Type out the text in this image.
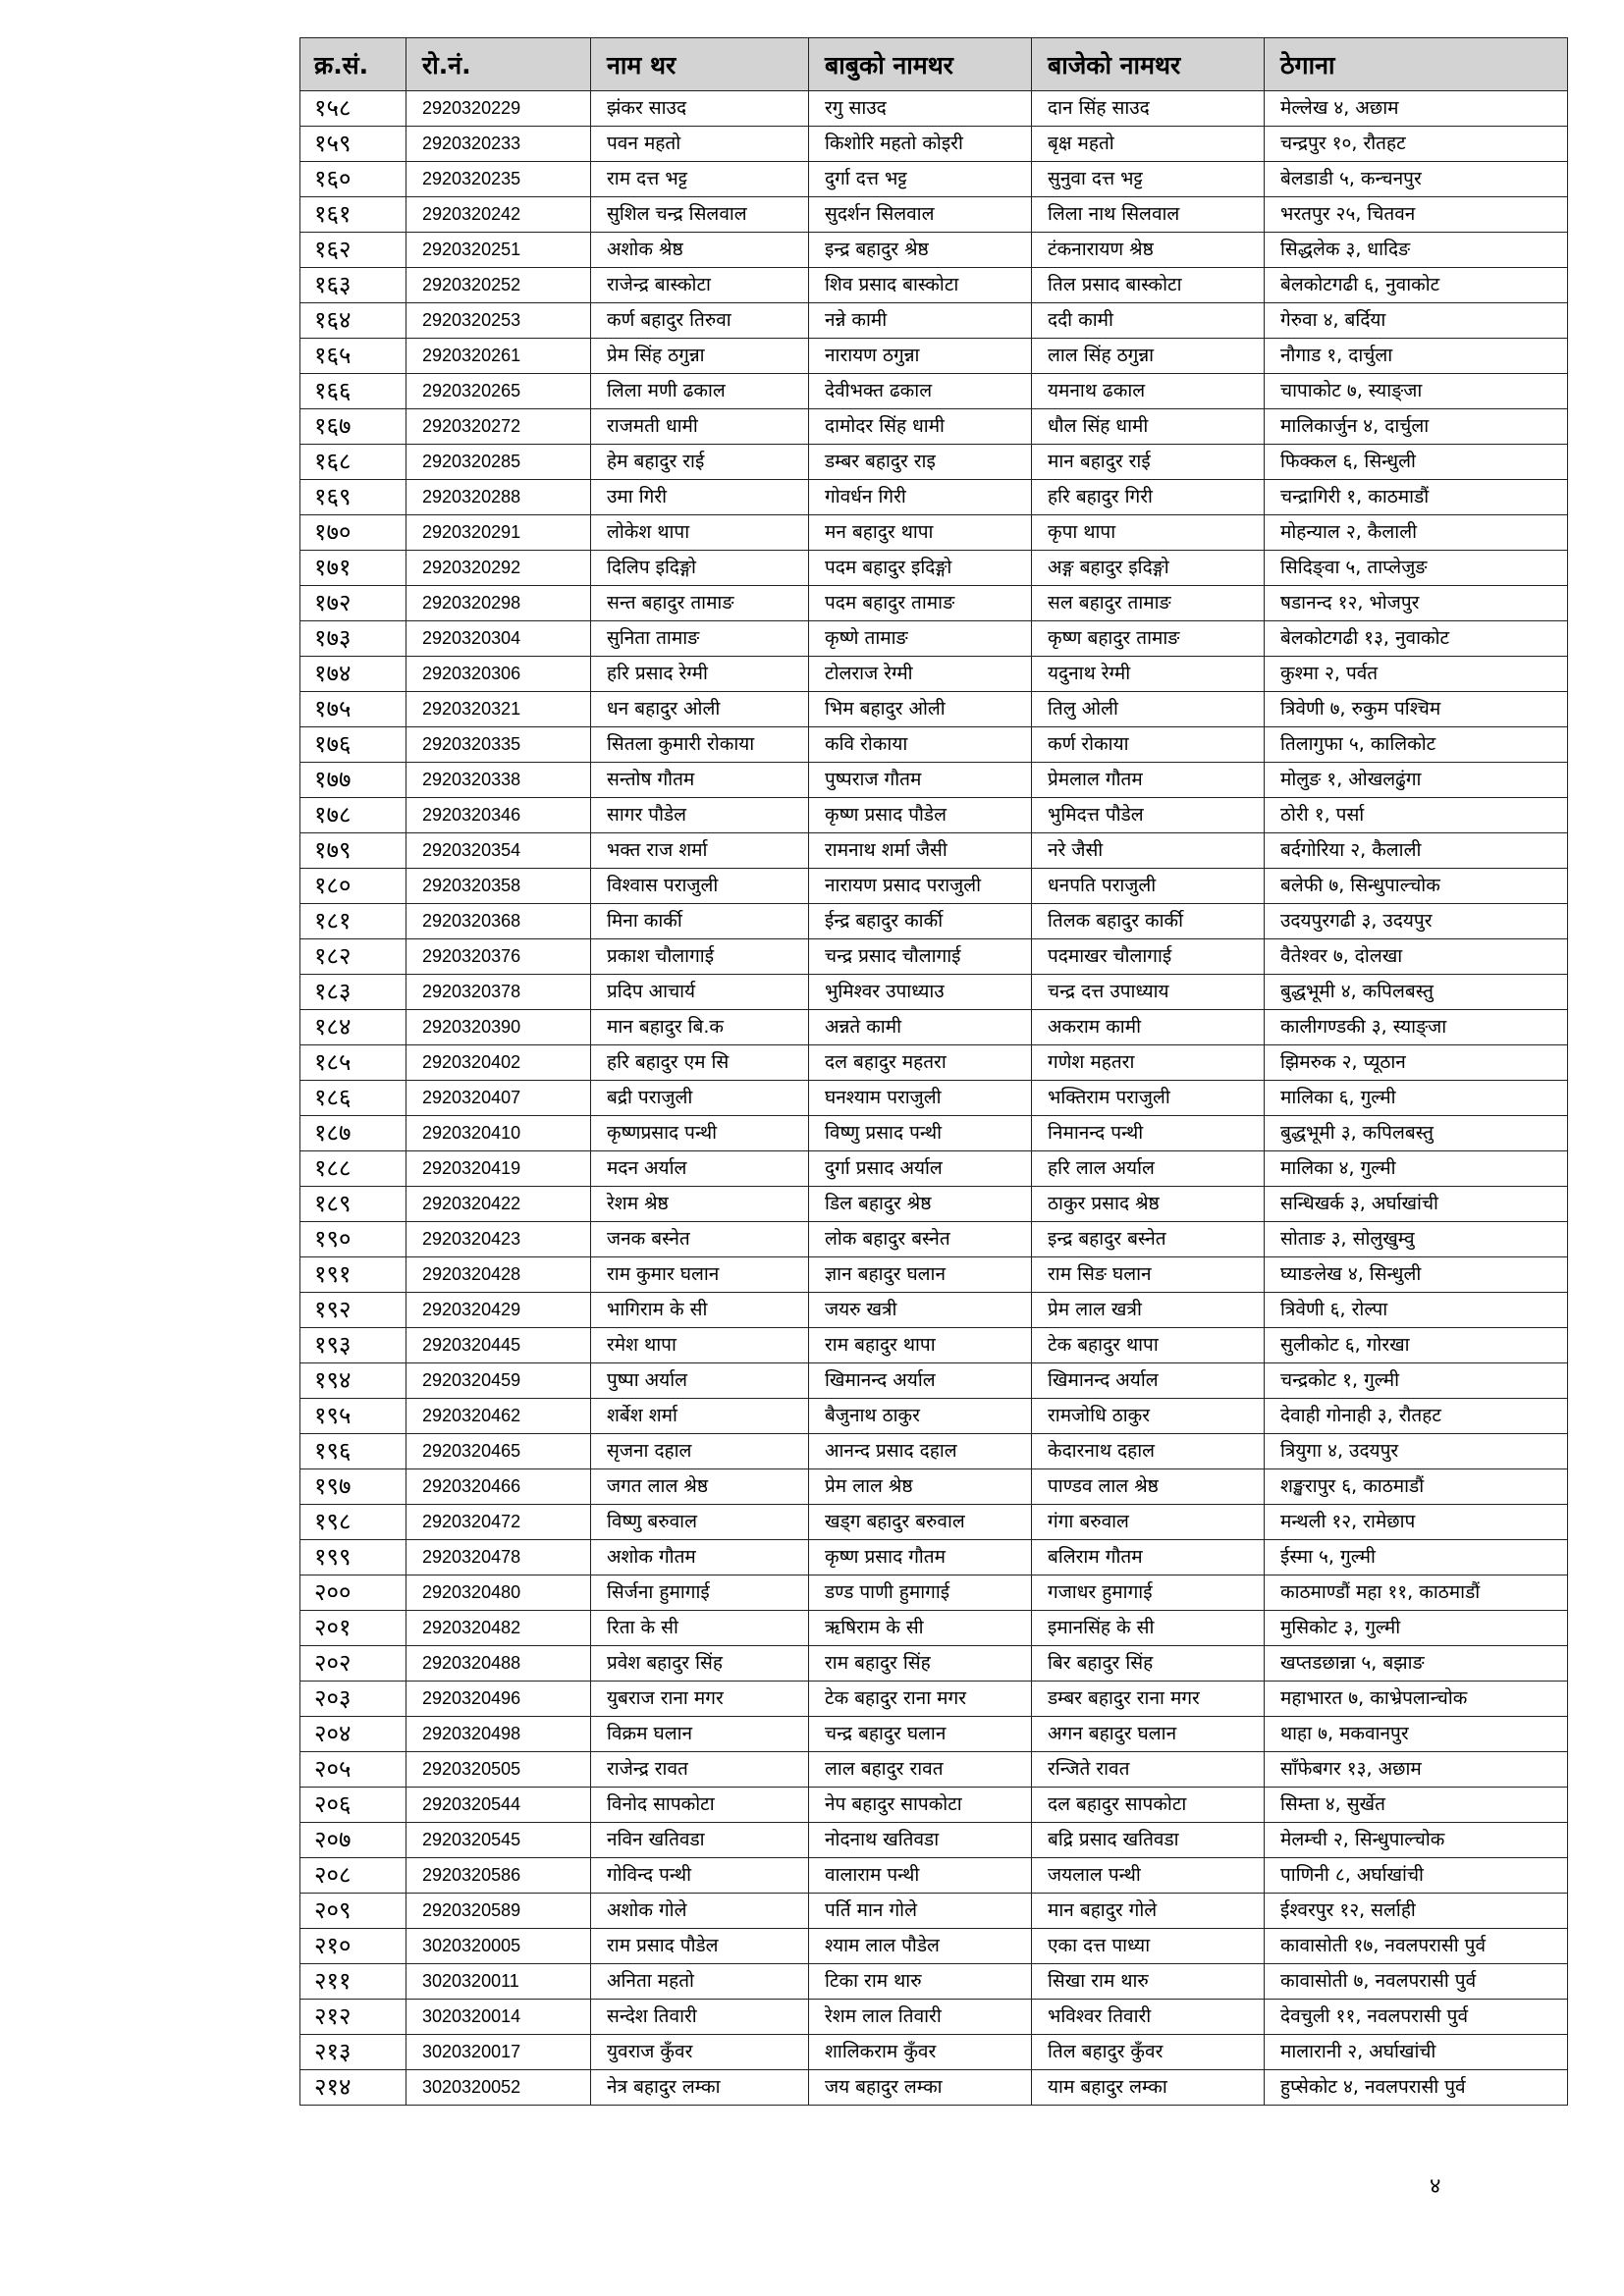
क्र.सं.	रो.नं.	नाम थर	बाबुको नामथर	बाजेको नामथर	ठेगाना
१५८	2920320229	झंकर साउद	रगु साउद	दान सिंह साउद	मेल्लेख ४, अछाम
१५९	2920320233	पवन महतो	किशोरि महतो कोइरी	बृक्ष महतो	चन्द्रपुर १०, रौतहट
१६०	2920320235	राम दत्त भट्ट	दुर्गा दत्त भट्ट	सुनुवा दत्त भट्ट	बेलडाडी ५, कन्चनपुर
१६१	2920320242	सुशिल चन्द्र सिलवाल	सुदर्शन सिलवाल	लिला नाथ सिलवाल	भरतपुर २५, चितवन
१६२	2920320251	अशोक श्रेष्ठ	इन्द्र बहादुर श्रेष्ठ	टंकनारायण श्रेष्ठ	सिद्धलेक ३, धादिङ
१६३	2920320252	राजेन्द्र बास्कोटा	शिव प्रसाद बास्कोटा	तिल प्रसाद बास्कोटा	बेलकोटगढी ६, नुवाकोट
१६४	2920320253	कर्ण बहादुर तिरुवा	नन्ने कामी	ददी कामी	गेरुवा ४, बर्दिया
१६५	2920320261	प्रेम सिंह ठगुन्ना	नारायण ठगुन्ना	लाल सिंह ठगुन्ना	नौगाड १, दार्चुला
१६६	2920320265	लिला मणी ढकाल	देवीभक्त ढकाल	यमनाथ ढकाल	चापाकोट ७, स्याङ्जा
१६७	2920320272	राजमती धामी	दामोदर सिंह धामी	धौल सिंह धामी	मालिकार्जुन ४, दार्चुला
१६८	2920320285	हेम बहादुर राई	डम्बर बहादुर राइ	मान बहादुर राई	फिक्कल ६, सिन्धुली
१६९	2920320288	उमा गिरी	गोवर्धन गिरी	हरि बहादुर गिरी	चन्द्रागिरी १, काठमाडौं
१७०	2920320291	लोकेश थापा	मन बहादुर थापा	कृपा थापा	मोहन्याल २, कैलाली
१७१	2920320292	दिलिप इदिङ्गो	पदम बहादुर इदिङ्गो	अङ्ग बहादुर इदिङ्गो	सिदिङ्वा ५, ताप्लेजुङ
१७२	2920320298	सन्त बहादुर तामाङ	पदम बहादुर तामाङ	सल बहादुर तामाङ	षडानन्द १२, भोजपुर
१७३	2920320304	सुनिता तामाङ	कृष्णे तामाङ	कृष्ण बहादुर तामाङ	बेलकोटगढी १३, नुवाकोट
१७४	2920320306	हरि प्रसाद रेग्मी	टोलराज रेग्मी	यदुनाथ रेग्मी	कुश्मा २, पर्वत
१७५	2920320321	धन बहादुर ओली	भिम बहादुर ओली	तिलु ओली	त्रिवेणी ७, रुकुम पश्चिम
१७६	2920320335	सितला कुमारी रोकाया	कवि रोकाया	कर्ण रोकाया	तिलागुफा ५, कालिकोट
१७७	2920320338	सन्तोष गौतम	पुष्पराज गौतम	प्रेमलाल गौतम	मोलुङ १, ओखलढुंगा
१७८	2920320346	सागर पौडेल	कृष्ण प्रसाद पौडेल	भुमिदत्त पौडेल	ठोरी १, पर्सा
१७९	2920320354	भक्त राज शर्मा	रामनाथ शर्मा जैसी	नरे जैसी	बर्दगोरिया २, कैलाली
१८०	2920320358	विश्वास पराजुली	नारायण प्रसाद पराजुली	धनपति पराजुली	बलेफी ७, सिन्धुपाल्चोक
१८१	2920320368	मिना कार्की	ईन्द्र बहादुर कार्की	तिलक बहादुर कार्की	उदयपुरगढी ३, उदयपुर
१८२	2920320376	प्रकाश चौलागाई	चन्द्र प्रसाद चौलागाई	पदमाखर चौलागाई	वैतेश्वर ७, दोलखा
१८३	2920320378	प्रदिप आचार्य	भुमिश्वर उपाध्याउ	चन्द्र दत्त उपाध्याय	बुद्धभूमी ४, कपिलबस्तु
१८४	2920320390	मान बहादुर बि.क	अन्नते कामी	अकराम कामी	कालीगण्डकी ३, स्याङ्जा
१८५	2920320402	हरि बहादुर एम सि	दल बहादुर महतरा	गणेश महतरा	झिमरुक २, प्यूठान
१८६	2920320407	बद्री पराजुली	घनश्याम पराजुली	भक्तिराम पराजुली	मालिका ६, गुल्मी
१८७	2920320410	कृष्णप्रसाद पन्थी	विष्णु प्रसाद पन्थी	निमानन्द पन्थी	बुद्धभूमी ३, कपिलबस्तु
१८८	2920320419	मदन अर्याल	दुर्गा प्रसाद अर्याल	हरि लाल अर्याल	मालिका ४, गुल्मी
१८९	2920320422	रेशम श्रेष्ठ	डिल बहादुर श्रेष्ठ	ठाकुर प्रसाद श्रेष्ठ	सन्धिखर्क ३, अर्घाखांची
१९०	2920320423	जनक बस्नेत	लोक बहादुर बस्नेत	इन्द्र बहादुर बस्नेत	सोताङ ३, सोलुखुम्वु
१९१	2920320428	राम कुमार घलान	ज्ञान बहादुर घलान	राम सिङ घलान	घ्याङलेख ४, सिन्धुली
१९२	2920320429	भागिराम के सी	जयरु खत्री	प्रेम लाल खत्री	त्रिवेणी ६, रोल्पा
१९३	2920320445	रमेश थापा	राम बहादुर थापा	टेक बहादुर थापा	सुलीकोट ६, गोरखा
१९४	2920320459	पुष्पा अर्याल	खिमानन्द अर्याल	खिमानन्द अर्याल	चन्द्रकोट १, गुल्मी
१९५	2920320462	शर्बेश शर्मा	बैजुनाथ ठाकुर	रामजोधि ठाकुर	देवाही गोनाही ३, रौतहट
१९६	2920320465	सृजना दहाल	आनन्द प्रसाद दहाल	केदारनाथ दहाल	त्रियुगा ४, उदयपुर
१९७	2920320466	जगत लाल श्रेष्ठ	प्रेम लाल श्रेष्ठ	पाण्डव लाल श्रेष्ठ	शङ्खरापुर ६, काठमाडौं
१९८	2920320472	विष्णु बरुवाल	खड्ग बहादुर बरुवाल	गंगा बरुवाल	मन्थली १२, रामेछाप
१९९	2920320478	अशोक गौतम	कृष्ण प्रसाद गौतम	बलिराम गौतम	ईस्मा ५, गुल्मी
२००	2920320480	सिर्जना हुमागाई	डण्ड पाणी हुमागाई	गजाधर हुमागाई	काठमाण्डौं महा ११, काठमाडौं
२०१	2920320482	रिता के सी	ऋषिराम के सी	इमानसिंह के सी	मुसिकोट ३, गुल्मी
२०२	2920320488	प्रवेश बहादुर सिंह	राम बहादुर सिंह	बिर बहादुर सिंह	खप्तडछान्ना ५, बझाङ
२०३	2920320496	युबराज राना मगर	टेक बहादुर राना मगर	डम्बर बहादुर राना मगर	महाभारत ७, काभ्रेपलान्चोक
२०४	2920320498	विक्रम घलान	चन्द्र बहादुर घलान	अगन बहादुर घलान	थाहा ७, मकवानपुर
२०५	2920320505	राजेन्द्र रावत	लाल बहादुर रावत	रन्जिते रावत	साँफेबगर १३, अछाम
२०६	2920320544	विनोद सापकोटा	नेप बहादुर सापकोटा	दल बहादुर सापकोटा	सिम्ता ४, सुर्खेत
२०७	2920320545	नविन खतिवडा	नोदनाथ खतिवडा	बद्रि प्रसाद खतिवडा	मेलम्ची २, सिन्धुपाल्चोक
२०८	2920320586	गोविन्द पन्थी	वालाराम पन्थी	जयलाल पन्थी	पाणिनी ८, अर्घाखांची
२०९	2920320589	अशोक गोले	पर्ति मान गोले	मान बहादुर गोले	ईश्वरपुर १२, सर्लाही
२१०	3020320005	राम प्रसाद पौडेल	श्याम लाल पौडेल	एका दत्त पाध्या	कावासोती १७, नवलपरासी पुर्व
२११	3020320011	अनिता महतो	टिका राम थारु	सिखा राम थारु	कावासोती ७, नवलपरासी पुर्व
२१२	3020320014	सन्देश तिवारी	रेशम लाल तिवारी	भविश्वर तिवारी	देवचुली ११, नवलपरासी पुर्व
२१३	3020320017	युवराज कुँवर	शालिकराम कुँवर	तिल बहादुर कुँवर	मालारानी २, अर्घाखांची
२१४	3020320052	नेत्र बहादुर लम्का	जय बहादुर लम्का	याम बहादुर लम्का	हुप्सेकोट ४, नवलपरासी पुर्व
४
